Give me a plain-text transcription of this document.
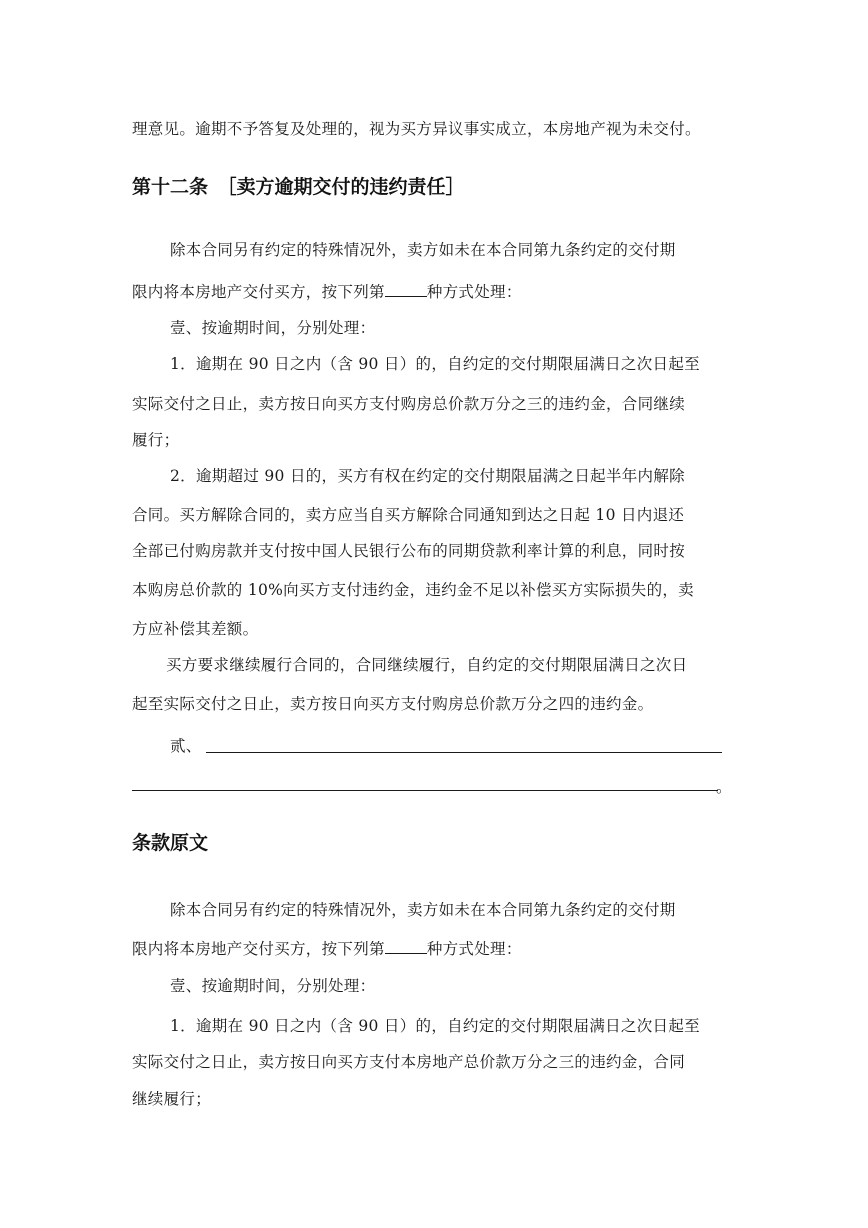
理意见。逾期不予答复及处理的，视为买方异议事实成立，本房地产视为未交付。
第十二条　［卖方逾期交付的违约责任］
除本合同另有约定的特殊情况外，卖方如未在本合同第九条约定的交付期
限内将本房地产交付买方，按下列第	种方式处理：
壹、按逾期时间，分别处理：
1．逾期在 90 日之内（含 90 日）的，自约定的交付期限届满日之次日起至
实际交付之日止，卖方按日向买方支付购房总价款万分之三的违约金，合同继续
履行；
2．逾期超过 90 日的，买方有权在约定的交付期限届满之日起半年内解除
合同。买方解除合同的，卖方应当自买方解除合同通知到达之日起 10 日内退还
全部已付购房款并支付按中国人民银行公布的同期贷款利率计算的利息，同时按
本购房总价款的 10%向买方支付违约金，违约金不足以补偿买方实际损失的，卖
方应补偿其差额。
买方要求继续履行合同的，合同继续履行，自约定的交付期限届满日之次日
起至实际交付之日止，卖方按日向买方支付购房总价款万分之四的违约金。
贰、
。
条款原文
除本合同另有约定的特殊情况外，卖方如未在本合同第九条约定的交付期
限内将本房地产交付买方，按下列第	种方式处理：
壹、按逾期时间，分别处理：
1．逾期在 90 日之内（含 90 日）的，自约定的交付期限届满日之次日起至
实际交付之日止，卖方按日向买方支付本房地产总价款万分之三的违约金，合同
继续履行；
